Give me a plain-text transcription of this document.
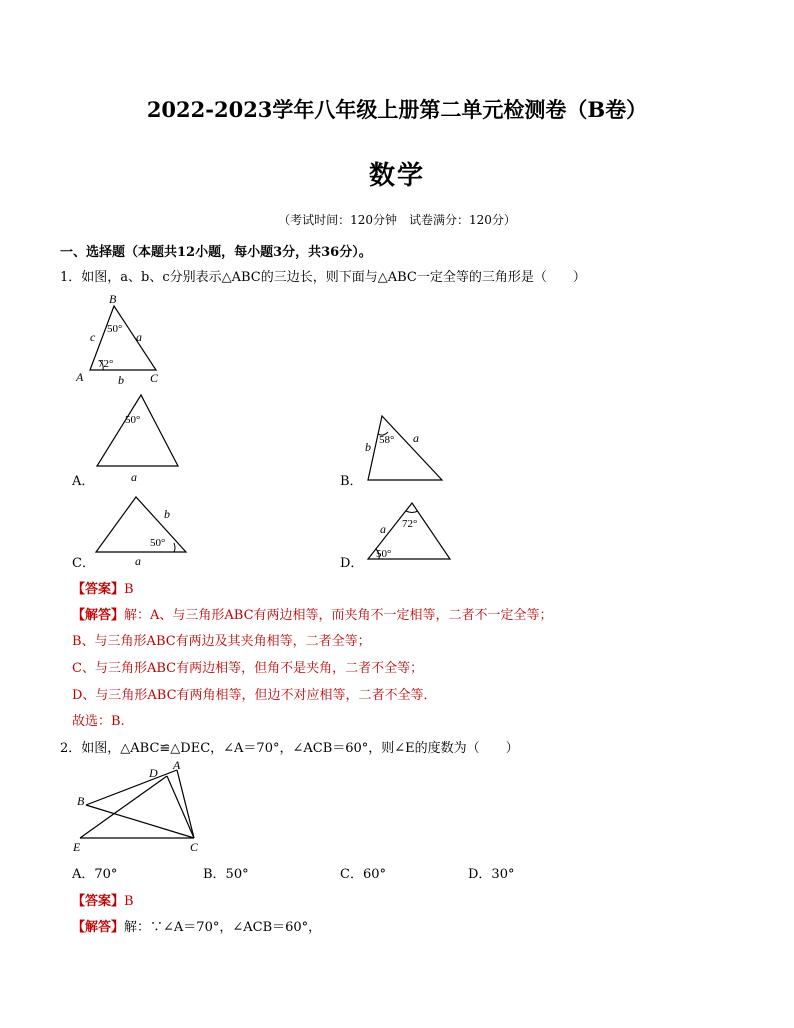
2022-2023学年八年级上册第二单元检测卷（B卷）
数学
（考试时间：120分钟　试卷满分：120分）
一、选择题（本题共12小题，每小题3分，共36分）。
1．如图，a、b、c分别表示△ABC的三边长，则下面与△ABC一定全等的三角形是（　　）
B
A	C
a
b
c
50°
72°
A．
50°
a	B．
58°
b
a
C．
50°
b
a	D．
72°
50°
a
【答案】B
【解答】解：A、与三角形ABC有两边相等，而夹角不一定相等，二者不一定全等；
B、与三角形ABC有两边及其夹角相等，二者全等；
C、与三角形ABC有两边相等，但角不是夹角，二者不全等；
D、与三角形ABC有两角相等，但边不对应相等，二者不全等．
故选：B.
2．如图，△ABC≌△DEC，∠A＝70°，∠ACB＝60°，则∠E的度数为（　　）
A
D
B
E	C
A．70°	B．50°	C．60°	D．30°
【答案】B
【解答】解：∵∠A＝70°，∠ACB＝60°，
